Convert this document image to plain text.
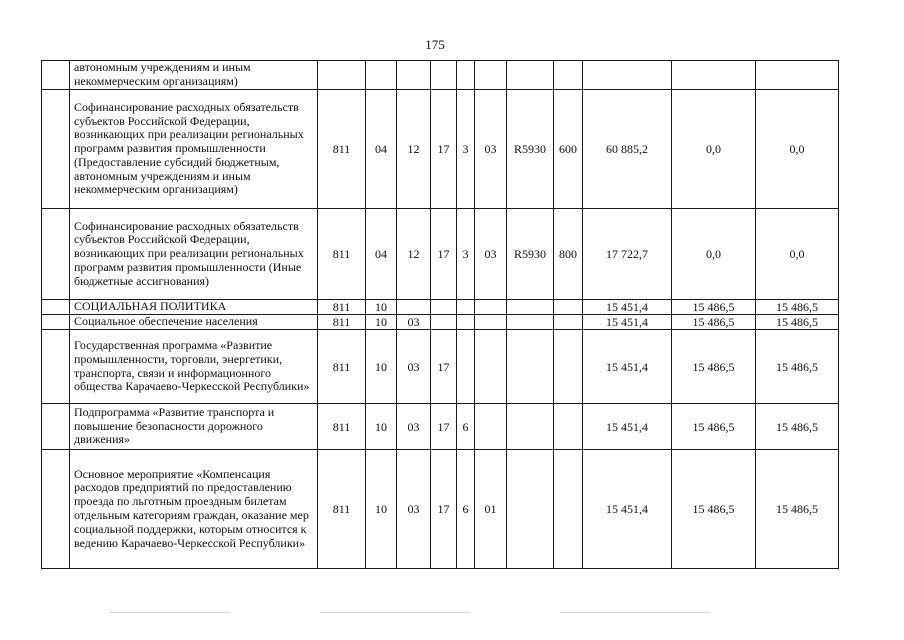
175
	автономным учреждениям и иным некоммерческим организациям)											
	Софинансирование расходных обязательств субъектов Российской Федерации, возникающих при реализации региональных программ развития промышленности (Предоставление субсидий бюджетным, автономным учреждениям и иным некоммерческим организациям)	811	04	12	17	3	03	R5930	600	60 885,2	0,0	0,0
	Софинансирование расходных обязательств субъектов Российской Федерации, возникающих при реализации региональных программ развития промышленности (Иные бюджетные ассигнования)	811	04	12	17	3	03	R5930	800	17 722,7	0,0	0,0
	СОЦИАЛЬНАЯ ПОЛИТИКА	811	10							15 451,4	15 486,5	15 486,5
	Социальное обеспечение населения	811	10	03						15 451,4	15 486,5	15 486,5
	Государственная программа «Развитие промышленности, торговли, энергетики, транспорта, связи и информационного общества Карачаево-Черкесской Республики»	811	10	03	17					15 451,4	15 486,5	15 486,5
	Подпрограмма «Развитие транспорта и повышение безопасности дорожного движения»	811	10	03	17	6				15 451,4	15 486,5	15 486,5
	Основное мероприятие «Компенсация расходов предприятий по предоставлению проезда по льготным проездным билетам отдельным категориям граждан, оказание мер социальной поддержки, которым относится к ведению Карачаево-Черкесской Республики»	811	10	03	17	6	01			15 451,4	15 486,5	15 486,5
